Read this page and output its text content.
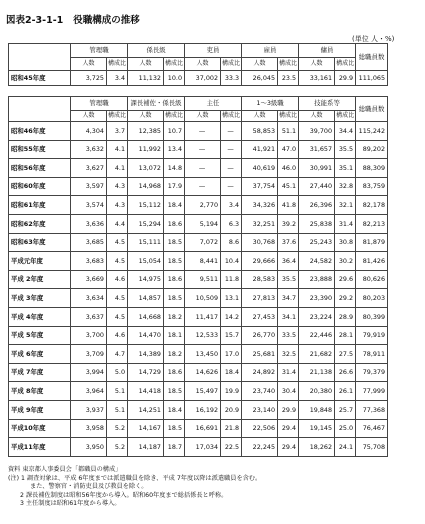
図表2-3-1-1 役職構成の推移
(単位 人・%)
	管理職		係長級		吏員		雇員		傭員		総職員数
	人数	構成比	人数	構成比	人数	構成比	人数	構成比	人数	構成比	
昭和45年度	3,725	3.4	11,132	10.0	37,002	33.3	26,045	23.5	33,161	29.9	111,065
	管理職		課長補佐・係長級		主任		1～3級職		技能系等		総職員数
	人数	構成比	人数	構成比	人数	構成比	人数	構成比	人数	構成比	
昭和46年度	4,304	3.7	12,385	10.7	—	—	58,853	51.1	39,700	34.4	115,242
昭和55年度	3,632	4.1	11,992	13.4	—	—	41,921	47.0	31,657	35.5	89,202
昭和56年度	3,627	4.1	13,072	14.8	—	—	40,619	46.0	30,991	35.1	88,309
昭和60年度	3,597	4.3	14,968	17.9	—	—	37,754	45.1	27,440	32.8	83,759
昭和61年度	3,574	4.3	15,112	18.4	2,770	3.4	34,326	41.8	26,396	32.1	82,178
昭和62年度	3,636	4.4	15,294	18.6	5,194	6.3	32,251	39.2	25,838	31.4	82,213
昭和63年度	3,685	4.5	15,111	18.5	7,072	8.6	30,768	37.6	25,243	30.8	81,879
平成元年度	3,683	4.5	15,054	18.5	8,441	10.4	29,666	36.4	24,582	30.2	81,426
平成 2年度	3,669	4.6	14,975	18.6	9,511	11.8	28,583	35.5	23,888	29.6	80,626
平成 3年度	3,634	4.5	14,857	18.5	10,509	13.1	27,813	34.7	23,390	29.2	80,203
平成 4年度	3,637	4.5	14,668	18.2	11,417	14.2	27,453	34.1	23,224	28.9	80,399
平成 5年度	3,700	4.6	14,470	18.1	12,533	15.7	26,770	33.5	22,446	28.1	79,919
平成 6年度	3,709	4.7	14,389	18.2	13,450	17.0	25,681	32.5	21,682	27.5	78,911
平成 7年度	3,994	5.0	14,729	18.6	14,626	18.4	24,892	31.4	21,138	26.6	79,379
平成 8年度	3,964	5.1	14,418	18.5	15,497	19.9	23,740	30.4	20,380	26.1	77,999
平成 9年度	3,937	5.1	14,251	18.4	16,192	20.9	23,140	29.9	19,848	25.7	77,368
平成10年度	3,958	5.2	14,167	18.5	16,691	21.8	22,506	29.4	19,145	25.0	76,467
平成11年度	3,950	5.2	14,187	18.7	17,034	22.5	22,245	29.4	18,262	24.1	75,708
資料 東京都人事委員会「都職員の構成」
(注) 1 調査対象は、平成 6年度までは派遣職員を除き、平成 7年度以降は派遣職員を含む。
また、警察官・消防吏員及び教員を除く。
2 課長補佐制度は昭和56年度から導入。昭和60年度まで総括係長と呼称。
3 主任制度は昭和61年度から導入。
